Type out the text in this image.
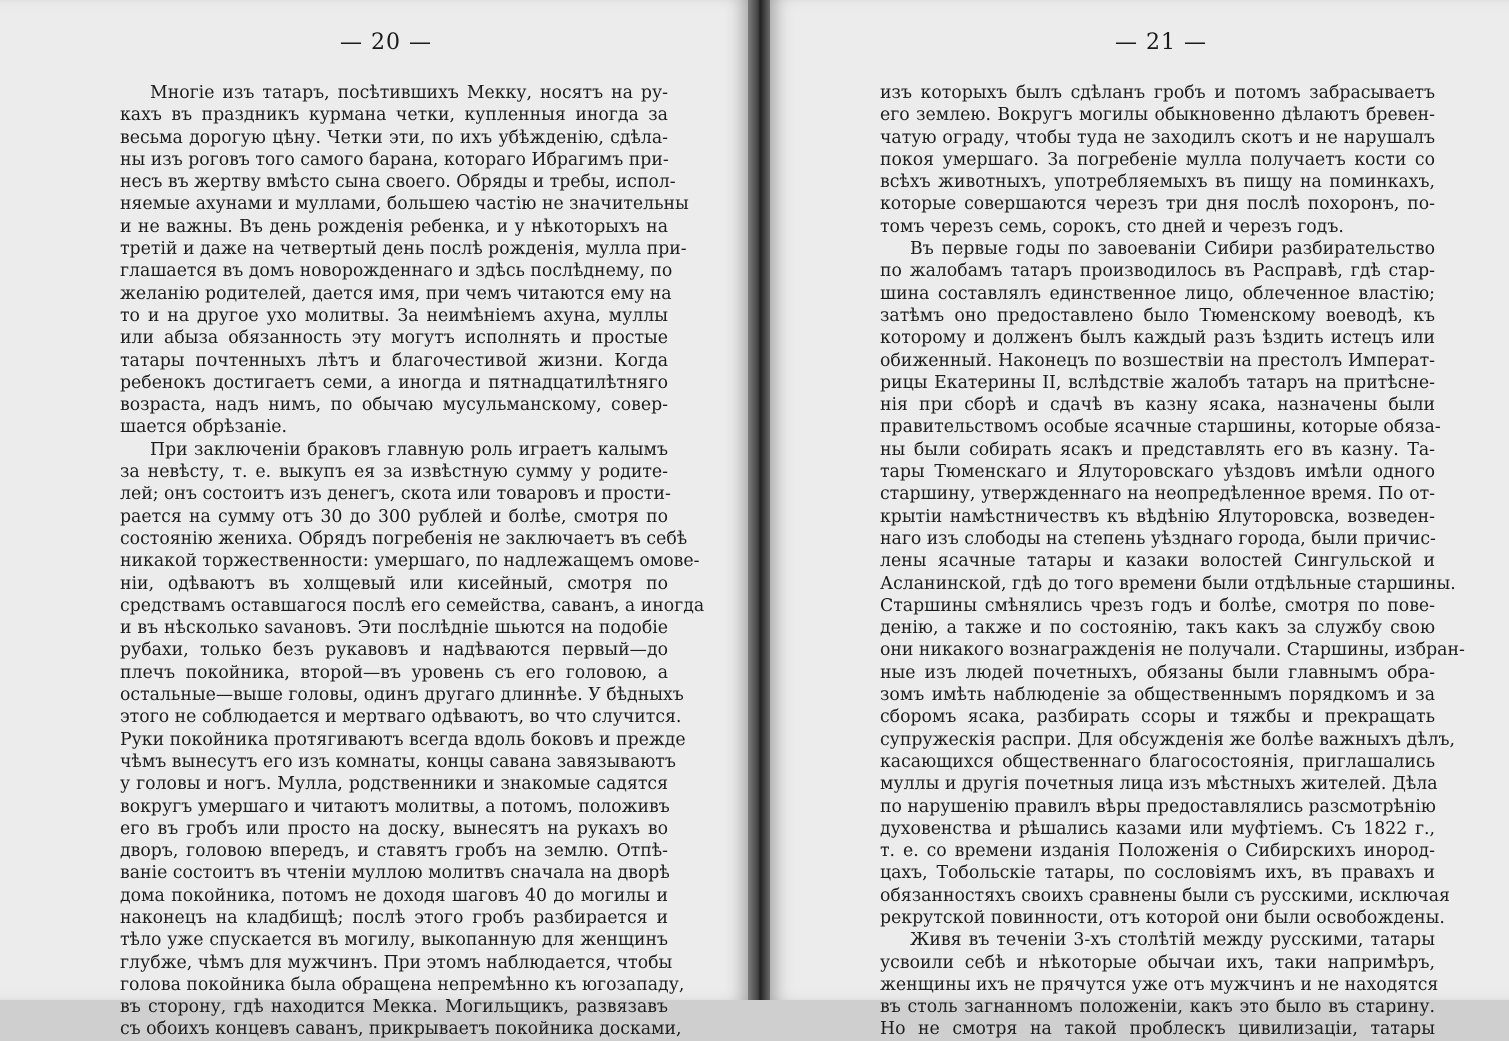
— 20 —
Многіе изъ татаръ, посѣтившихъ Мекку, носятъ на ру-
кахъ въ праздникъ курмана четки, купленныя иногда за
весьма дорогую цѣну. Четки эти, по ихъ убѣжденію, сдѣла-
ны изъ роговъ того самого барана, котораго Ибрагимъ при-
несъ въ жертву вмѣсто сына своего. Обряды и требы, испол-
няемые ахунами и муллами, большею частію не значительны
и не важны. Въ день рожденія ребенка, и у нѣкоторыхъ на
третій и даже на четвертый день послѣ рожденія, мулла при-
глашается въ домъ новорожденнаго и здѣсь послѣднему, по
желанію родителей, дается имя, при чемъ читаются ему на
то и на другое ухо молитвы. За неимѣніемъ ахуна, муллы
или абыза обязанность эту могутъ исполнять и простые
татары почтенныхъ лѣтъ и благочестивой жизни. Когда
ребенокъ достигаетъ семи, а иногда и пятнадцатилѣтняго
возраста, надъ нимъ, по обычаю мусульманскому, совер-
шается обрѣзаніе.
При заключеніи браковъ главную роль играетъ калымъ
за невѣсту, т. е. выкупъ ея за извѣстную сумму у родите-
лей; онъ состоитъ изъ денегъ, скота или товаровъ и прости-
рается на сумму отъ 30 до 300 рублей и болѣе, смотря по
состоянію жениха. Обрядъ погребенія не заключаетъ въ себѣ
никакой торжественности: умершаго, по надлежащемъ омове-
ніи, одѣваютъ въ холщевый или кисейный, смотря по
средствамъ оставшагося послѣ его семейства, саванъ, а иногда
и въ нѣсколько savановъ. Эти послѣдніе шьются на подобіе
рубахи, только безъ рукавовъ и надѣваются первый—до
плечъ покойника, второй—въ уровень съ его головою, а
остальные—выше головы, одинъ другаго длиннѣе. У бѣдныхъ
этого не соблюдается и мертваго одѣваютъ, во что случится.
Руки покойника протягиваютъ всегда вдоль боковъ и прежде
чѣмъ вынесутъ его изъ комнаты, концы савана завязываютъ
у головы и ногъ. Мулла, родственники и знакомые садятся
вокругъ умершаго и читаютъ молитвы, а потомъ, положивъ
его въ гробъ или просто на доску, вынесятъ на рукахъ во
дворъ, головою впередъ, и ставятъ гробъ на землю. Отпѣ-
ваніе состоитъ въ чтеніи муллою молитвъ сначала на дворѣ
дома покойника, потомъ не доходя шаговъ 40 до могилы и
наконецъ на кладбищѣ; послѣ этого гробъ разбирается и
тѣло уже спускается въ могилу, выкопанную для женщинъ
глубже, чѣмъ для мужчинъ. При этомъ наблюдается, чтобы
голова покойника была обращена непремѣнно къ югозападу,
въ сторону, гдѣ находится Мекка. Могильщикъ, развязавъ
съ обоихъ концевъ саванъ, прикрываетъ покойника досками,
— 21 —
изъ которыхъ былъ сдѣланъ гробъ и потомъ забрасываетъ
его землею. Вокругъ могилы обыкновенно дѣлаютъ бревен-
чатую ограду, чтобы туда не заходилъ скотъ и не нарушалъ
покоя умершаго. За погребеніе мулла получаетъ кости со
всѣхъ животныхъ, употребляемыхъ въ пищу на поминкахъ,
которые совершаются черезъ три дня послѣ похоронъ, по-
томъ черезъ семь, сорокъ, сто дней и черезъ годъ.
Въ первые годы по завоеваніи Сибири разбирательство
по жалобамъ татаръ производилось въ Расправѣ, гдѣ стар-
шина составлялъ единственное лицо, облеченное властію;
затѣмъ оно предоставлено было Тюменскому воеводѣ, къ
которому и долженъ былъ каждый разъ ѣздить истецъ или
обиженный. Наконецъ по возшествіи на престолъ Императ-
рицы Екатерины II, вслѣдствіе жалобъ татаръ на притѣсне-
нія при сборѣ и сдачѣ въ казну ясака, назначены были
правительствомъ особые ясачные старшины, которые обяза-
ны были собирать ясакъ и представлять его въ казну. Та-
тары Тюменскаго и Ялуторовскаго уѣздовъ имѣли одного
старшину, утвержденнаго на неопредѣленное время. По от-
крытіи намѣстничествъ къ вѣдѣнію Ялуторовска, возведен-
наго изъ слободы на степень уѣзднаго города, были причис-
лены ясачные татары и казаки волостей Сингульской и
Асланинской, гдѣ до того времени были отдѣльные старшины.
Старшины смѣнялись чрезъ годъ и болѣе, смотря по пове-
денію, а также и по состоянію, такъ какъ за службу свою
они никакого вознагражденія не получали. Старшины, избран-
ные изъ людей почетныхъ, обязаны были главнымъ обра-
зомъ имѣть наблюденіе за общественнымъ порядкомъ и за
сборомъ ясака, разбирать ссоры и тяжбы и прекращать
супружескія распри. Для обсужденія же болѣе важныхъ дѣлъ,
касающихся общественнаго благосостоянія, приглашались
муллы и другія почетныя лица изъ мѣстныхъ жителей. Дѣла
по нарушенію правилъ вѣры предоставлялись разсмотрѣнію
духовенства и рѣшались казами или муфтіемъ. Съ 1822 г.,
т. е. со времени изданія Положенія о Сибирскихъ инород-
цахъ, Тобольскіе татары, по сословіямъ ихъ, въ правахъ и
обязанностяхъ своихъ сравнены были съ русскими, исключая
рекрутской повинности, отъ которой они были освобождены.
Живя въ теченіи 3-хъ столѣтій между русскими, татары
усвоили себѣ и нѣкоторые обычаи ихъ, таки напримѣръ,
женщины ихъ не прячутся уже отъ мужчинъ и не находятся
въ столь загнанномъ положеніи, какъ это было въ старину.
Но не смотря на такой проблескъ цивилизаціи, татары
